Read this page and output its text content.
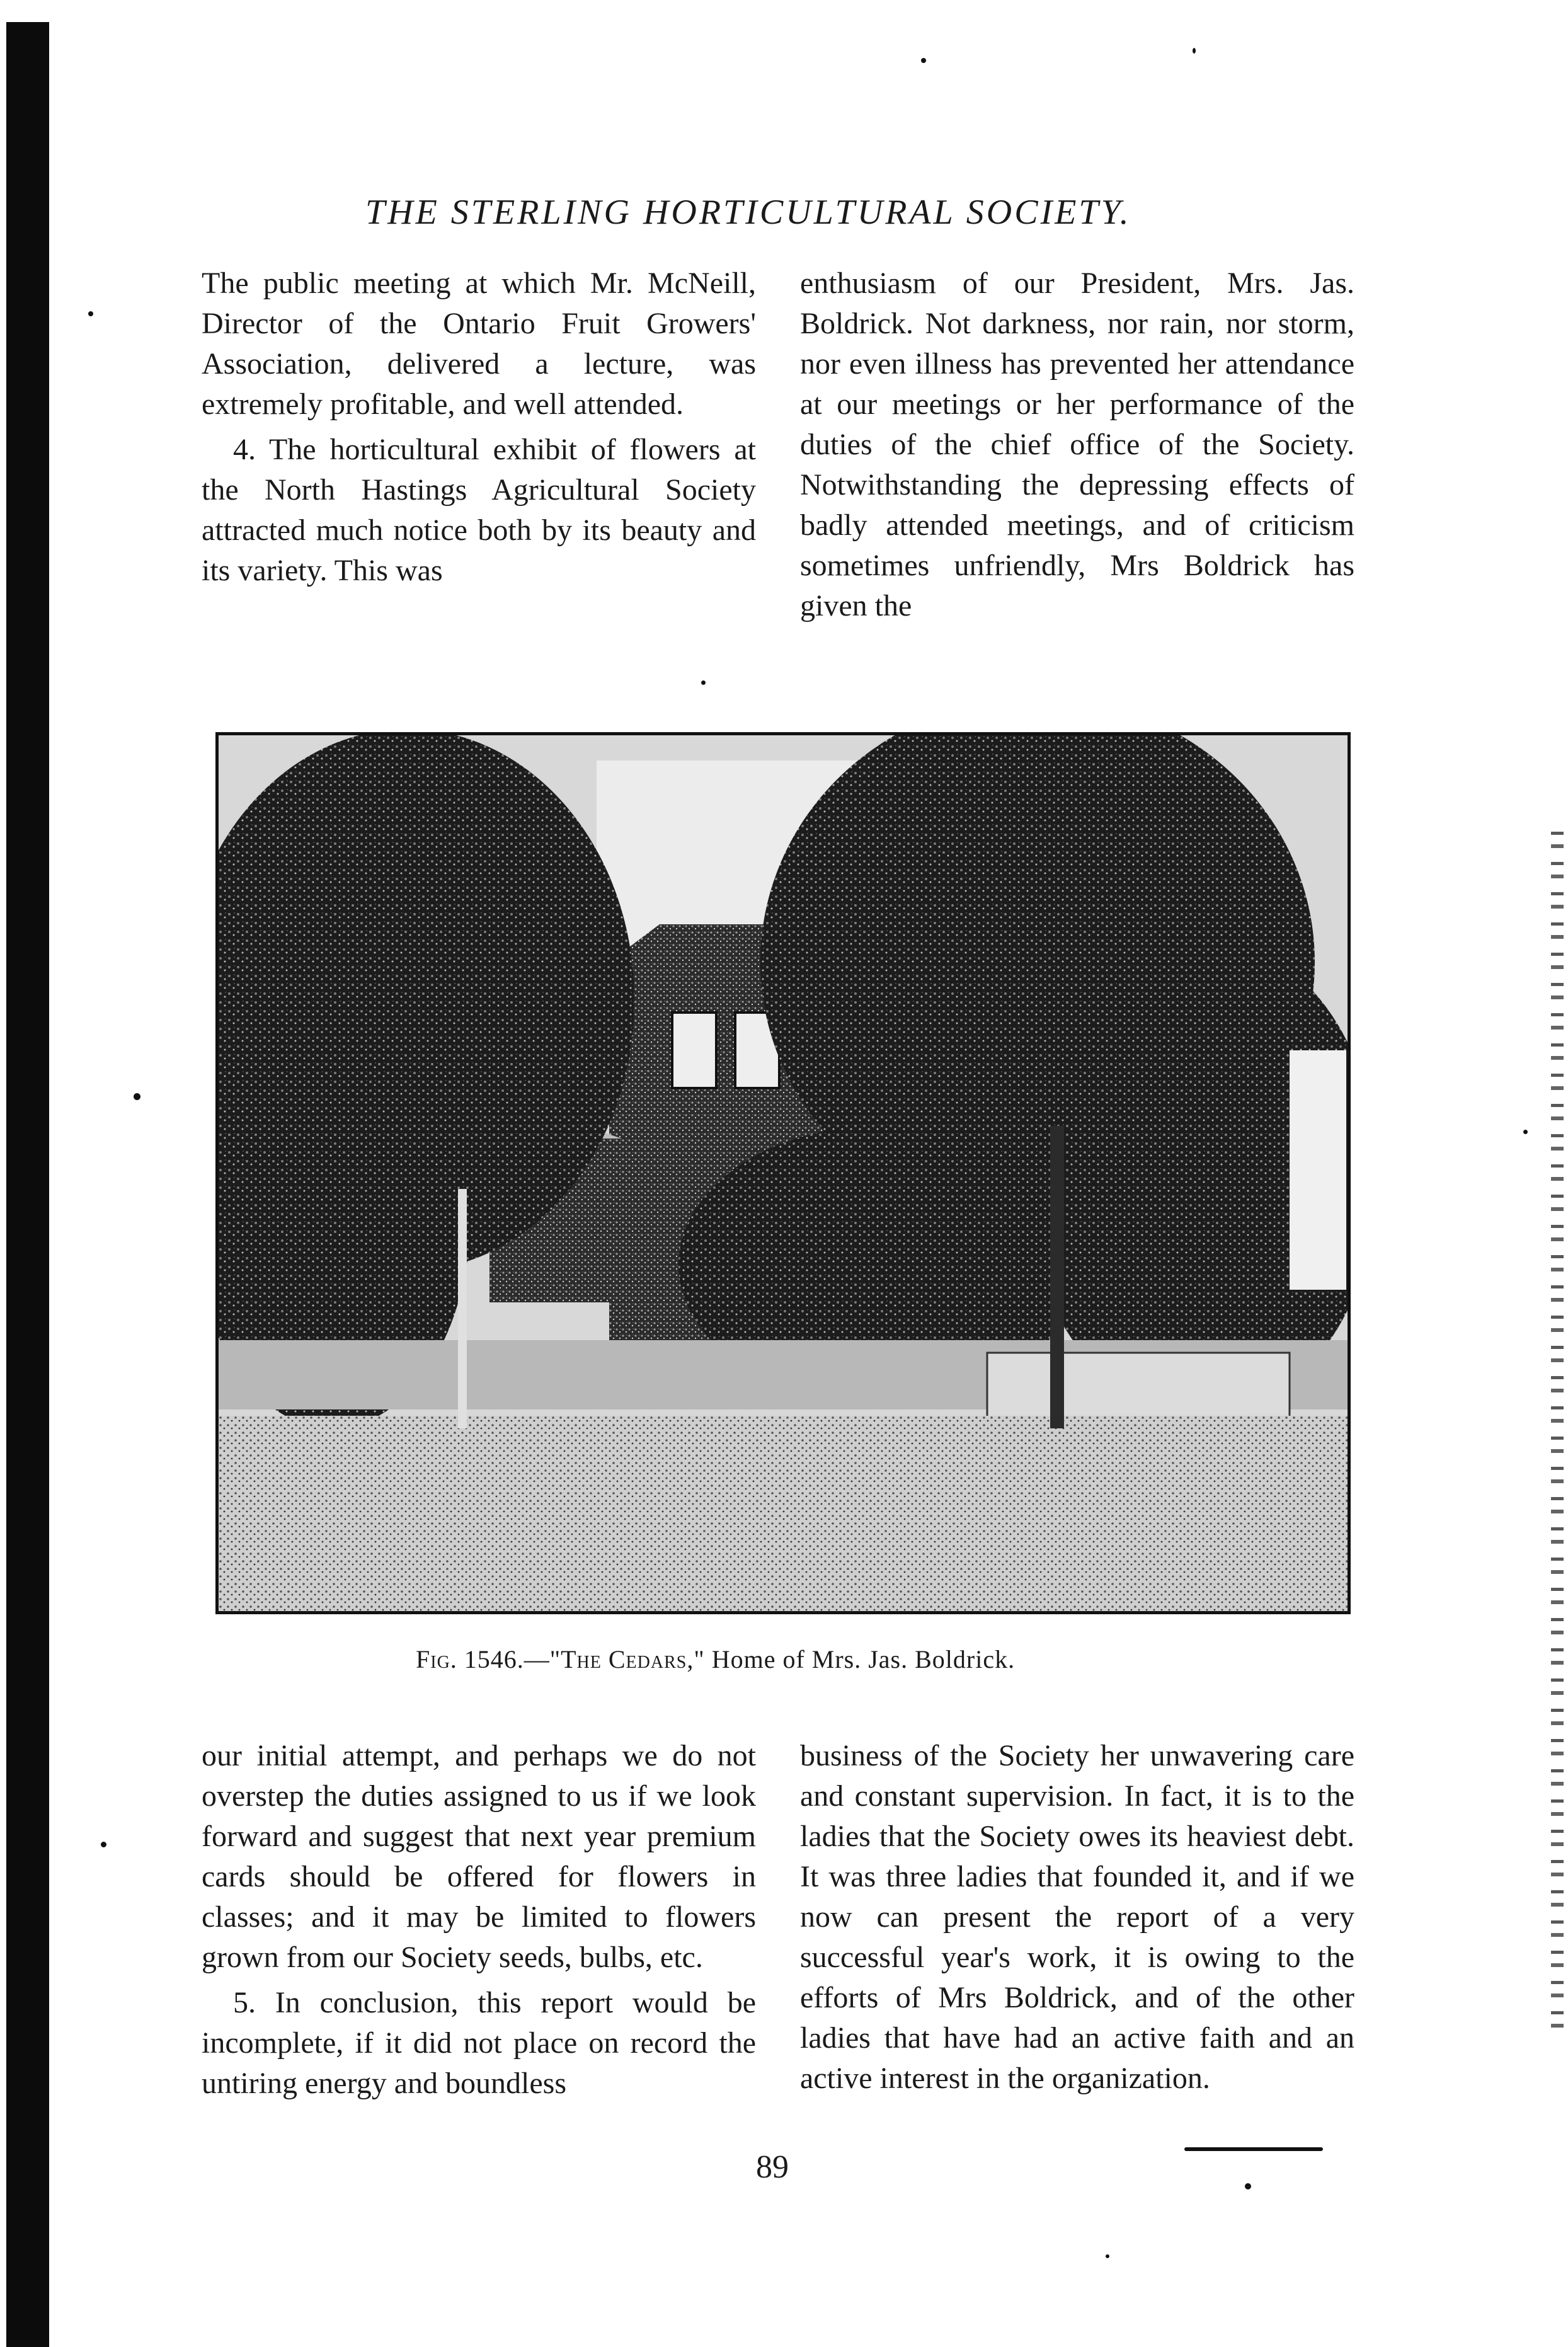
THE STERLING HORTICULTURAL SOCIETY.

The public meeting at which Mr. McNeill, Director of the Ontario Fruit Growers' Association, delivered a lecture, was extremely profitable, and well attended.

4. The horticultural exhibit of flowers at the North Hastings Agricultural Society attracted much notice both by its beauty and its variety. This was

enthusiasm of our President, Mrs. Jas. Boldrick. Not darkness, nor rain, nor storm, nor even illness has prevented her attendance at our meetings or her performance of the duties of the chief office of the Society. Notwithstanding the depressing effects of badly attended meetings, and of criticism sometimes unfriendly, Mrs Boldrick has given the

Fig. 1546.—"The Cedars," Home of Mrs. Jas. Boldrick.

our initial attempt, and perhaps we do not overstep the duties assigned to us if we look forward and suggest that next year premium cards should be offered for flowers in classes; and it may be limited to flowers grown from our Society seeds, bulbs, etc.

5. In conclusion, this report would be incomplete, if it did not place on record the untiring energy and boundless

business of the Society her unwavering care and constant supervision. In fact, it is to the ladies that the Society owes its heaviest debt. It was three ladies that founded it, and if we now can present the report of a very successful year's work, it is owing to the efforts of Mrs Boldrick, and of the other ladies that have had an active faith and an active interest in the organization.

89
